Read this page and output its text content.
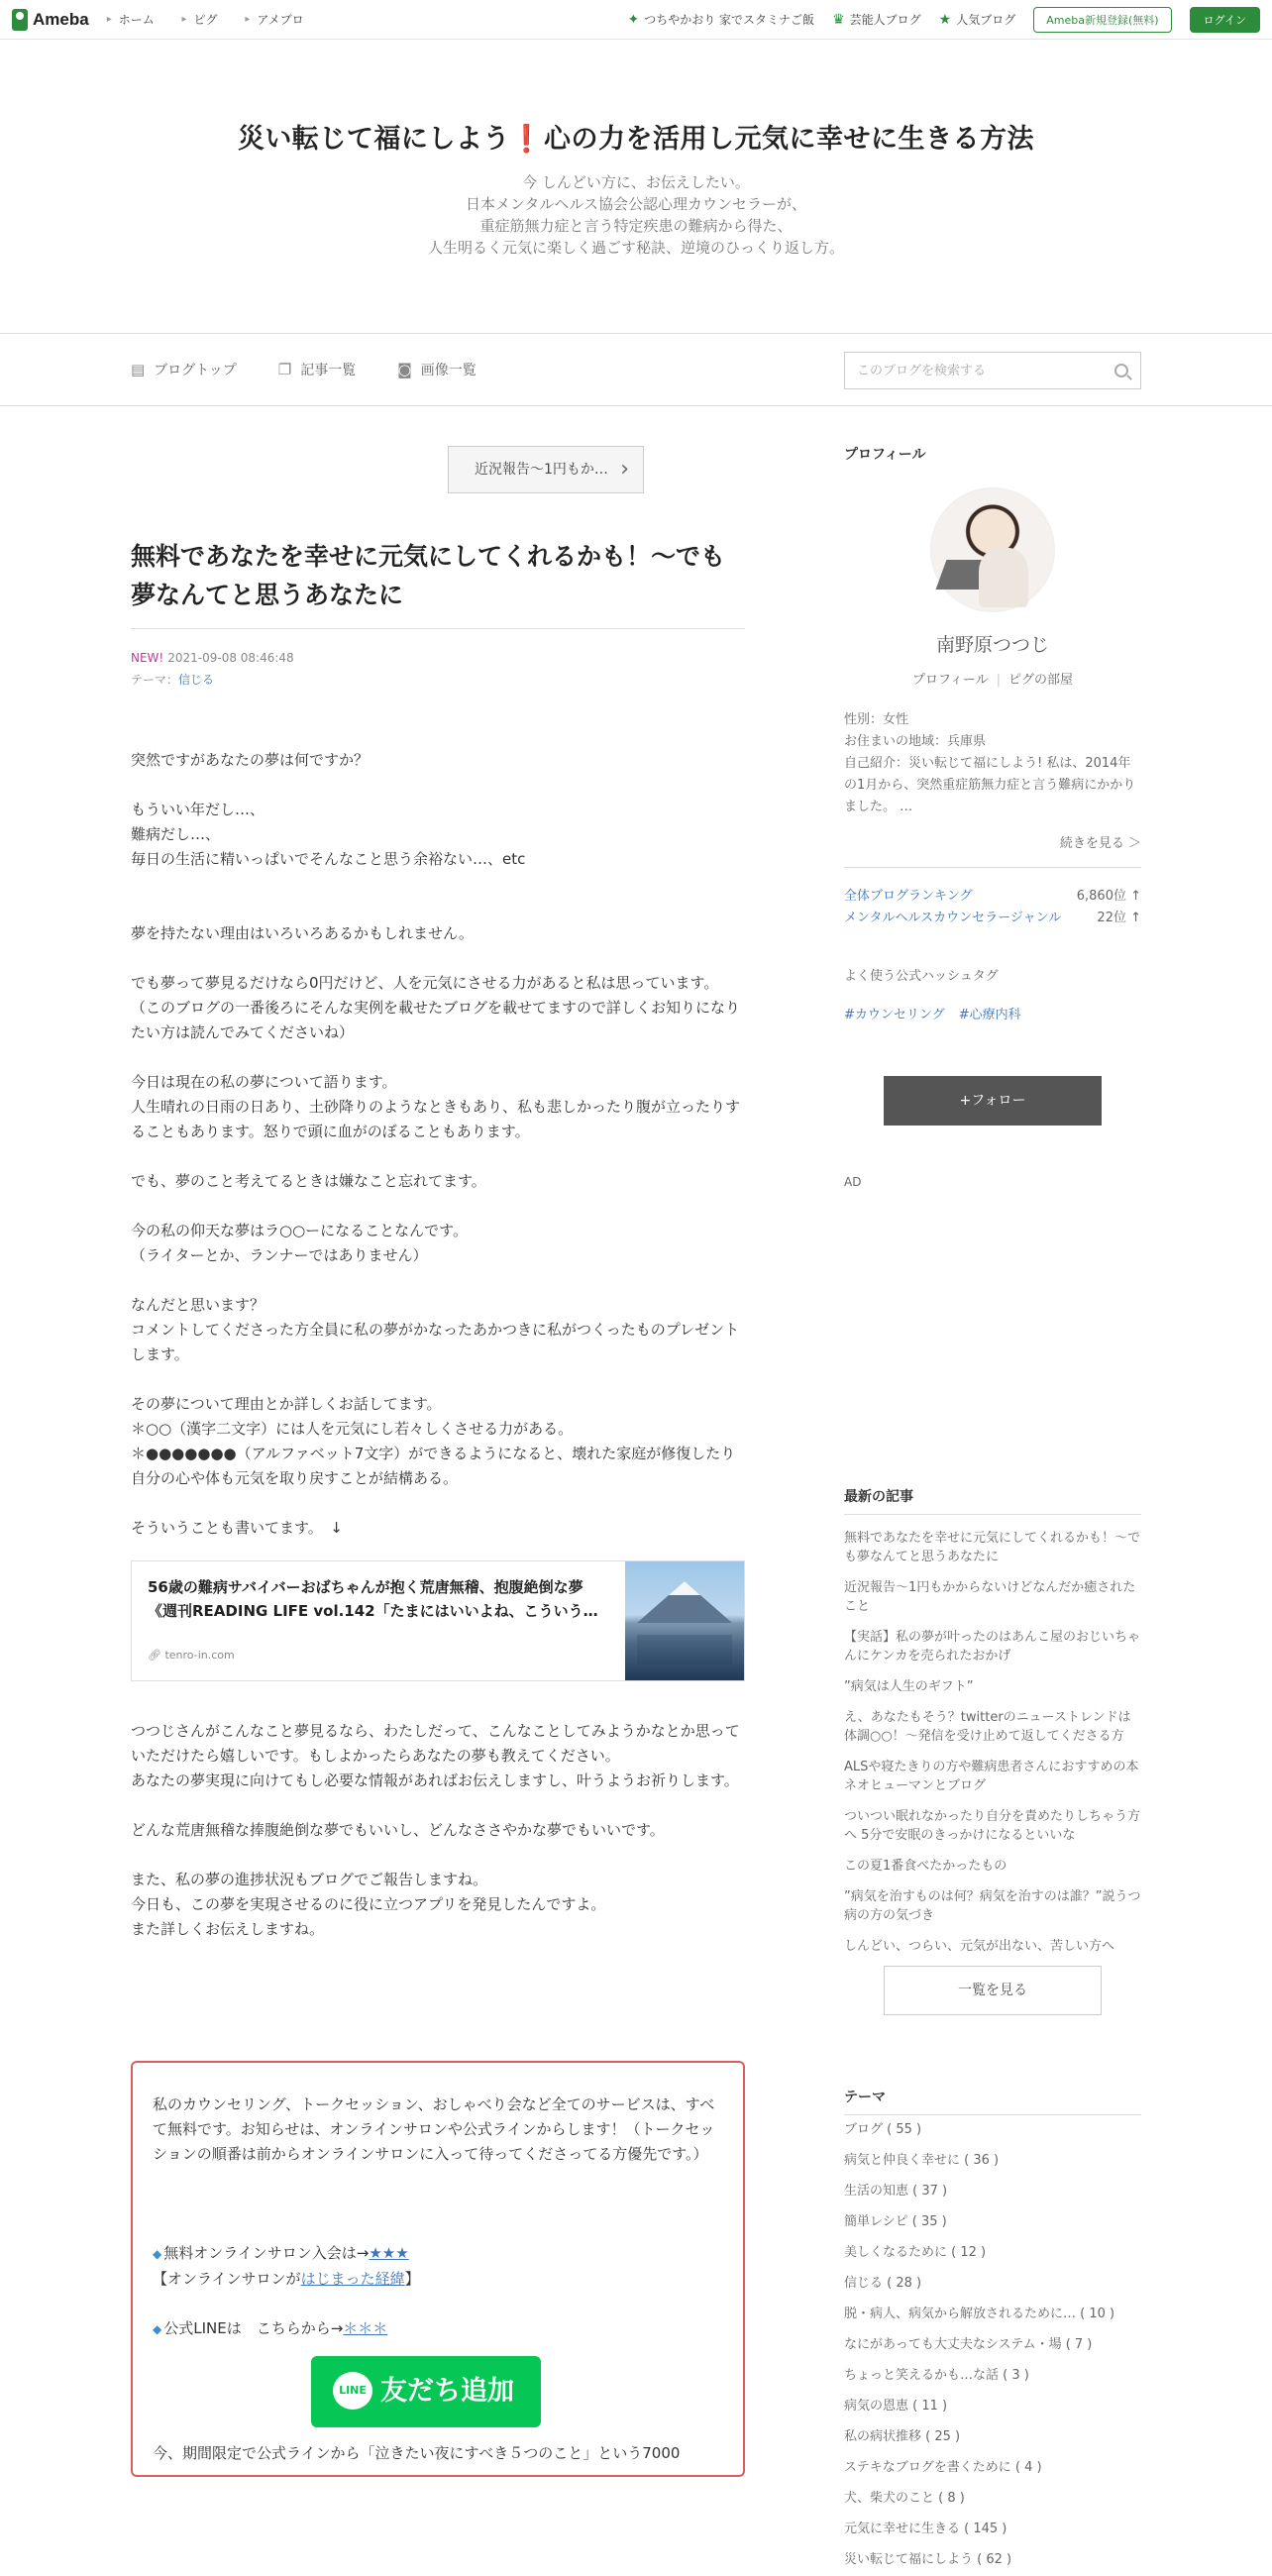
Ameba	▸ ホーム	▸ ピグ	▸ アメブロ	✦ つちやかおり 家でスタミナご飯 ♛ 芸能人ブログ ★ 人気ブログ	Ameba新規登録(無料)	ログイン
災い転じて福にしよう❗心の力を活用し元気に幸せに生きる方法
今 しんどい方に、お伝えしたい。
日本メンタルヘルス協会公認心理カウンセラーが、
重症筋無力症と言う特定疾患の難病から得た、
人生明るく元気に楽しく過ごす秘訣、逆境のひっくり返し方。
▤ ブログトップ	❐ 記事一覧	◙ 画像一覧
このブログを検索する
近況報告〜1円もか… ›
無料であなたを幸せに元気にしてくれるかも！～でも夢なんてと思うあなたに
NEW! 2021-09-08 08:46:48
テーマ：信じる

突然ですがあなたの夢は何ですか？

もういい年だし…、

難病だし…、

毎日の生活に精いっぱいでそんなこと思う余裕ない…、etc

夢を持たない理由はいろいろあるかもしれません。

でも夢って夢見るだけなら0円だけど、人を元気にさせる力があると私は思っています。

（このブログの一番後ろにそんな実例を載せたブログを載せてますので詳しくお知りになりたい方は読んでみてくださいね）

今日は現在の私の夢について語ります。

人生晴れの日雨の日あり、土砂降りのようなときもあり、私も悲しかったり腹が立ったりすることもあります。怒りで頭に血がのぼることもあります。

でも、夢のこと考えてるときは嫌なこと忘れてます。

今の私の仰天な夢はラ○○ーになることなんです。

（ライターとか、ランナーではありません）

なんだと思います？

コメントしてくださった方全員に私の夢がかなったあかつきに私がつくったものプレゼントします。

その夢について理由とか詳しくお話してます。

＊○○（漢字二文字）には人を元気にし若々しくさせる力がある。

＊●●●●●●●（アルファベット7文字）ができるようになると、壊れた家庭が修復したり自分の心や体も元気を取り戻すことが結構ある。

そういうことも書いてます。　↓

56歳の難病サバイバーおばちゃんが抱く荒唐無稽、抱腹絶倒な夢《週刊READING LIFE vol.142「たまにはいいよね、こういう…
🔗︎ tenro-in.com

つつじさんがこんなこと夢見るなら、わたしだって、こんなことしてみようかなとか思っていただけたら嬉しいです。もしよかったらあなたの夢も教えてください。

あなたの夢実現に向けてもし必要な情報があればお伝えしますし、叶うようお祈りします。

どんな荒唐無稽な捧腹絶倒な夢でもいいし、どんなささやかな夢でもいいです。

また、私の夢の進捗状況もブログでご報告しますね。

今日も、この夢を実現させるのに役に立つアプリを発見したんですよ。

また詳しくお伝えしますね。

私のカウンセリング、トークセッション、おしゃべり会など全てのサービスは、すべて無料です。お知らせは、オンラインサロンや公式ラインからします！（トークセッションの順番は前からオンラインサロンに入って待ってくださってる方優先です。）

◆ 無料オンラインサロン入会は→★★★

【オンラインサロンがはじまった経緯】

◆ 公式LINEは　こちらから→＊＊＊

LINE 友だち追加

今、期間限定で公式ラインから「泣きたい夜にすべき５つのこと」という7000

プロフィール
南野原つつじ
プロフィール | ピグの部屋
性別：女性
お住まいの地域：兵庫県
自己紹介：災い転じて福にしよう! 私は、2014年の1月から、突然重症筋無力症と言う難病にかかりました。 …
続きを見る ＞
全体ブログランキング	6,860位 ↑
メンタルヘルスカウンセラージャンル	22位 ↑
よく使う公式ハッシュタグ
#カウンセリング #心療内科
+フォロー
AD
最新の記事
無料であなたを幸せに元気にしてくれるかも！～でも夢なんてと思うあなたに
近況報告〜1円もかからないけどなんだか癒されたこと
【実話】私の夢が叶ったのはあんこ屋のおじいちゃんにケンカを売られたおかげ
”病気は人生のギフト”
え、あなたもそう？twitterのニューストレンドは体調○○！～発信を受け止めて返してくださる方
ALSや寝たきりの方や難病患者さんにおすすめの本ネオヒューマンとブログ
ついつい眠れなかったり自分を責めたりしちゃう方へ 5分で安眠のきっかけになるといいな
この夏1番食べたかったもの
”病気を治すものは何？病気を治すのは誰？”説うつ病の方の気づき
しんどい、つらい、元気が出ない、苦しい方へ
一覧を見る
テーマ
ブログ ( 55 )
病気と仲良く幸せに ( 36 )
生活の知恵 ( 37 )
簡単レシピ ( 35 )
美しくなるために ( 12 )
信じる ( 28 )
脱・病人、病気から解放されるために… ( 10 )
なにがあっても大丈夫なシステム・場 ( 7 )
ちょっと笑えるかも…な話 ( 3 )
病気の恩恵 ( 11 )
私の病状推移 ( 25 )
ステキなブログを書くために ( 4 )
犬、柴犬のこと ( 8 )
元気に幸せに生きる ( 145 )
災い転じて福にしよう ( 62 )
